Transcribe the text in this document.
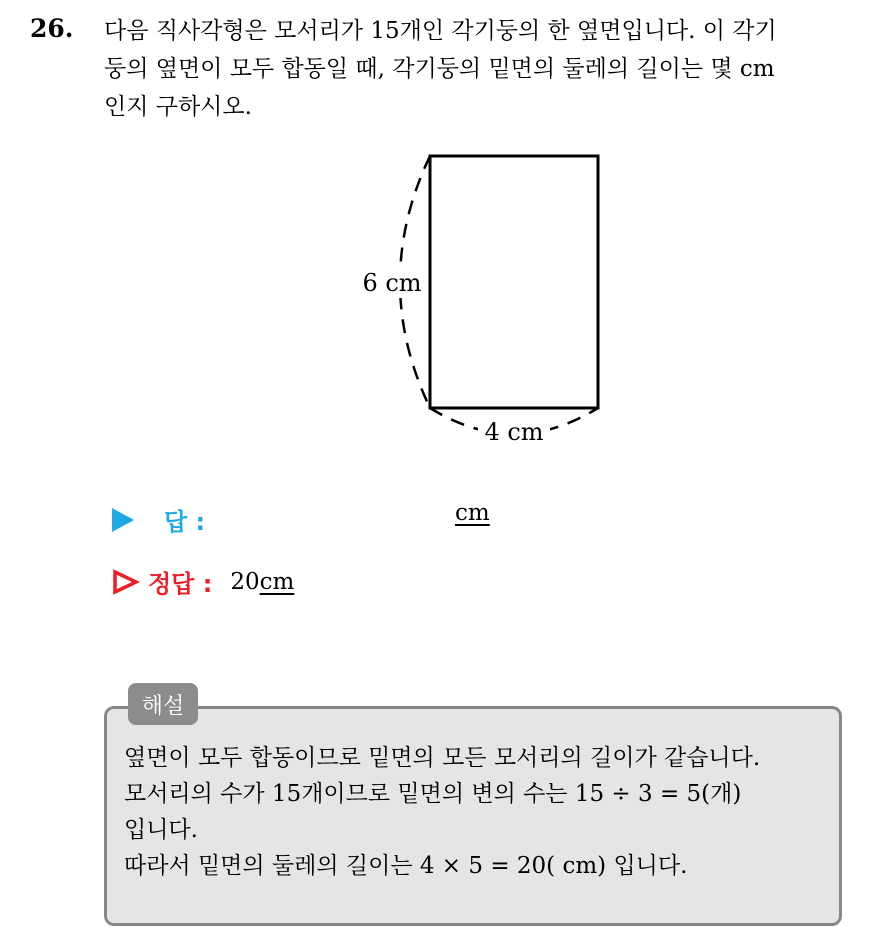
26. 다음 직사각형은 모서리가 15개인 각기둥의 한 옆면입니다. 이 각기
둥의 옆면이 모두 합동일 때, 각기둥의 밑면의 둘레의 길이는 몇 cm
인지 구하시오.
6 cm
4 cm
답 :	cm
정답 : 20cm
해설
옆면이 모두 합동이므로 밑면의 모든 모서리의 길이가 같습니다.
모서리의 수가 15개이므로 밑면의 변의 수는 15 ÷ 3 = 5(개)
입니다.
따라서 밑면의 둘레의 길이는 4 × 5 = 20( cm) 입니다.
